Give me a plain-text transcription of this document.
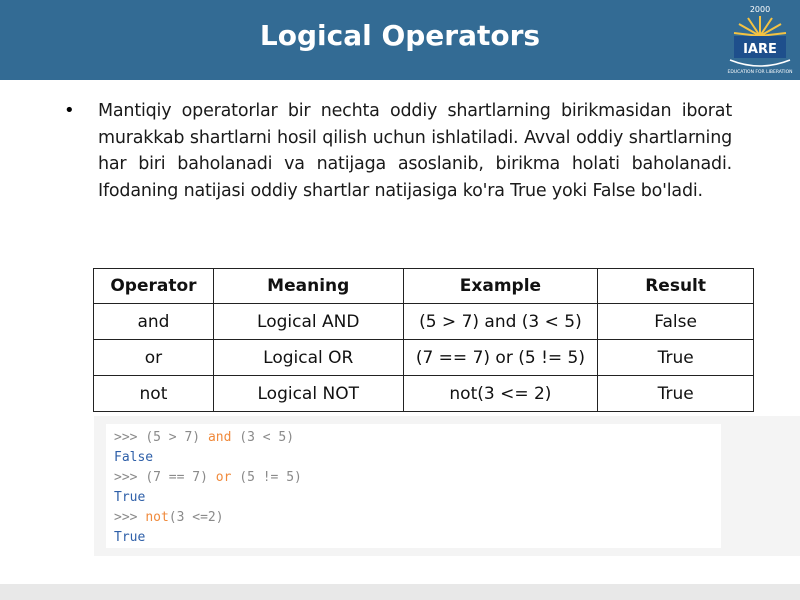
Logical Operators
2000
IARE
EDUCATION FOR LIBERATION
• Mantiqiy operatorlar bir nechta oddiy shartlarning birikmasidan iborat murakkab shartlarni hosil qilish uchun ishlatiladi. Avval oddiy shartlarning har biri baholanadi va natijaga asoslanib, birikma holati baholanadi. Ifodaning natijasi oddiy shartlar natijasiga ko'ra True yoki False bo'ladi.
Operator	Meaning	Example	Result
and	Logical AND	(5 > 7) and (3 < 5)	False
or	Logical OR	(7 == 7) or (5 != 5)	True
not	Logical NOT	not(3 <= 2)	True
>>> (5 > 7) and (3 < 5)
False
>>> (7 == 7) or (5 != 5)
True
>>> not(3 <=2)
True
